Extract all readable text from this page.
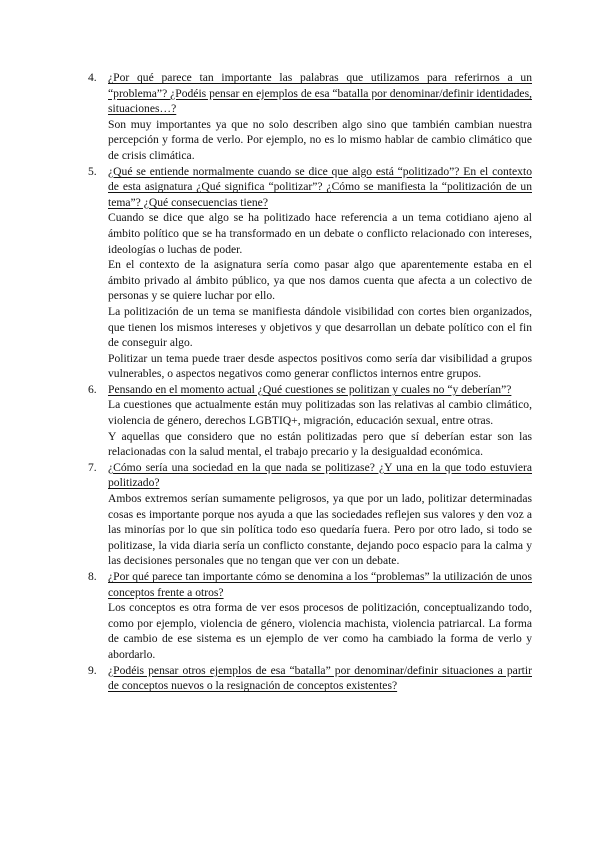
4. ¿Por qué parece tan importante las palabras que utilizamos para referirnos a un “problema”? ¿Podéis pensar en ejemplos de esa “batalla por denominar/definir identidades, situaciones…?

Son muy importantes ya que no solo describen algo sino que también cambian nuestra percepción y forma de verlo. Por ejemplo, no es lo mismo hablar de cambio climático que de crisis climática.

5. ¿Qué se entiende normalmente cuando se dice que algo está “politizado”? En el contexto de esta asignatura ¿Qué significa “politizar”? ¿Cómo se manifiesta la “politización de un tema”? ¿Qué consecuencias tiene?

Cuando se dice que algo se ha politizado hace referencia a un tema cotidiano ajeno al ámbito político que se ha transformado en un debate o conflicto relacionado con intereses, ideologías o luchas de poder.

En el contexto de la asignatura sería como pasar algo que aparentemente estaba en el ámbito privado al ámbito público, ya que nos damos cuenta que afecta a un colectivo de personas y se quiere luchar por ello.

La politización de un tema se manifiesta dándole visibilidad con cortes bien organizados, que tienen los mismos intereses y objetivos y que desarrollan un debate político con el fin de conseguir algo.

Politizar un tema puede traer desde aspectos positivos como sería dar visibilidad a grupos vulnerables, o aspectos negativos como generar conflictos internos entre grupos.

6. Pensando en el momento actual ¿Qué cuestiones se politizan y cuales no “y deberían”?

La cuestiones que actualmente están muy politizadas son las relativas al cambio climático, violencia de género, derechos LGBTIQ+, migración, educación sexual, entre otras.

Y aquellas que considero que no están politizadas pero que sí deberían estar son las relacionadas con la salud mental, el trabajo precario y la desigualdad económica.

7. ¿Cómo sería una sociedad en la que nada se politizase? ¿Y una en la que todo estuviera politizado?

Ambos extremos serían sumamente peligrosos, ya que por un lado, politizar determinadas cosas es importante porque nos ayuda a que las sociedades reflejen sus valores y den voz a las minorías por lo que sin política todo eso quedaría fuera. Pero por otro lado, si todo se politizase, la vida diaria sería un conflicto constante, dejando poco espacio para la calma y las decisiones personales que no tengan que ver con un debate.

8. ¿Por qué parece tan importante cómo se denomina a los “problemas” la utilización de unos conceptos frente a otros?

Los conceptos es otra forma de ver esos procesos de politización, conceptualizando todo, como por ejemplo, violencia de género, violencia machista, violencia patriarcal. La forma de cambio de ese sistema es un ejemplo de ver como ha cambiado la forma de verlo y abordarlo.

9. ¿Podéis pensar otros ejemplos de esa “batalla” por denominar/definir situaciones a partir de conceptos nuevos o la resignación de conceptos existentes?
